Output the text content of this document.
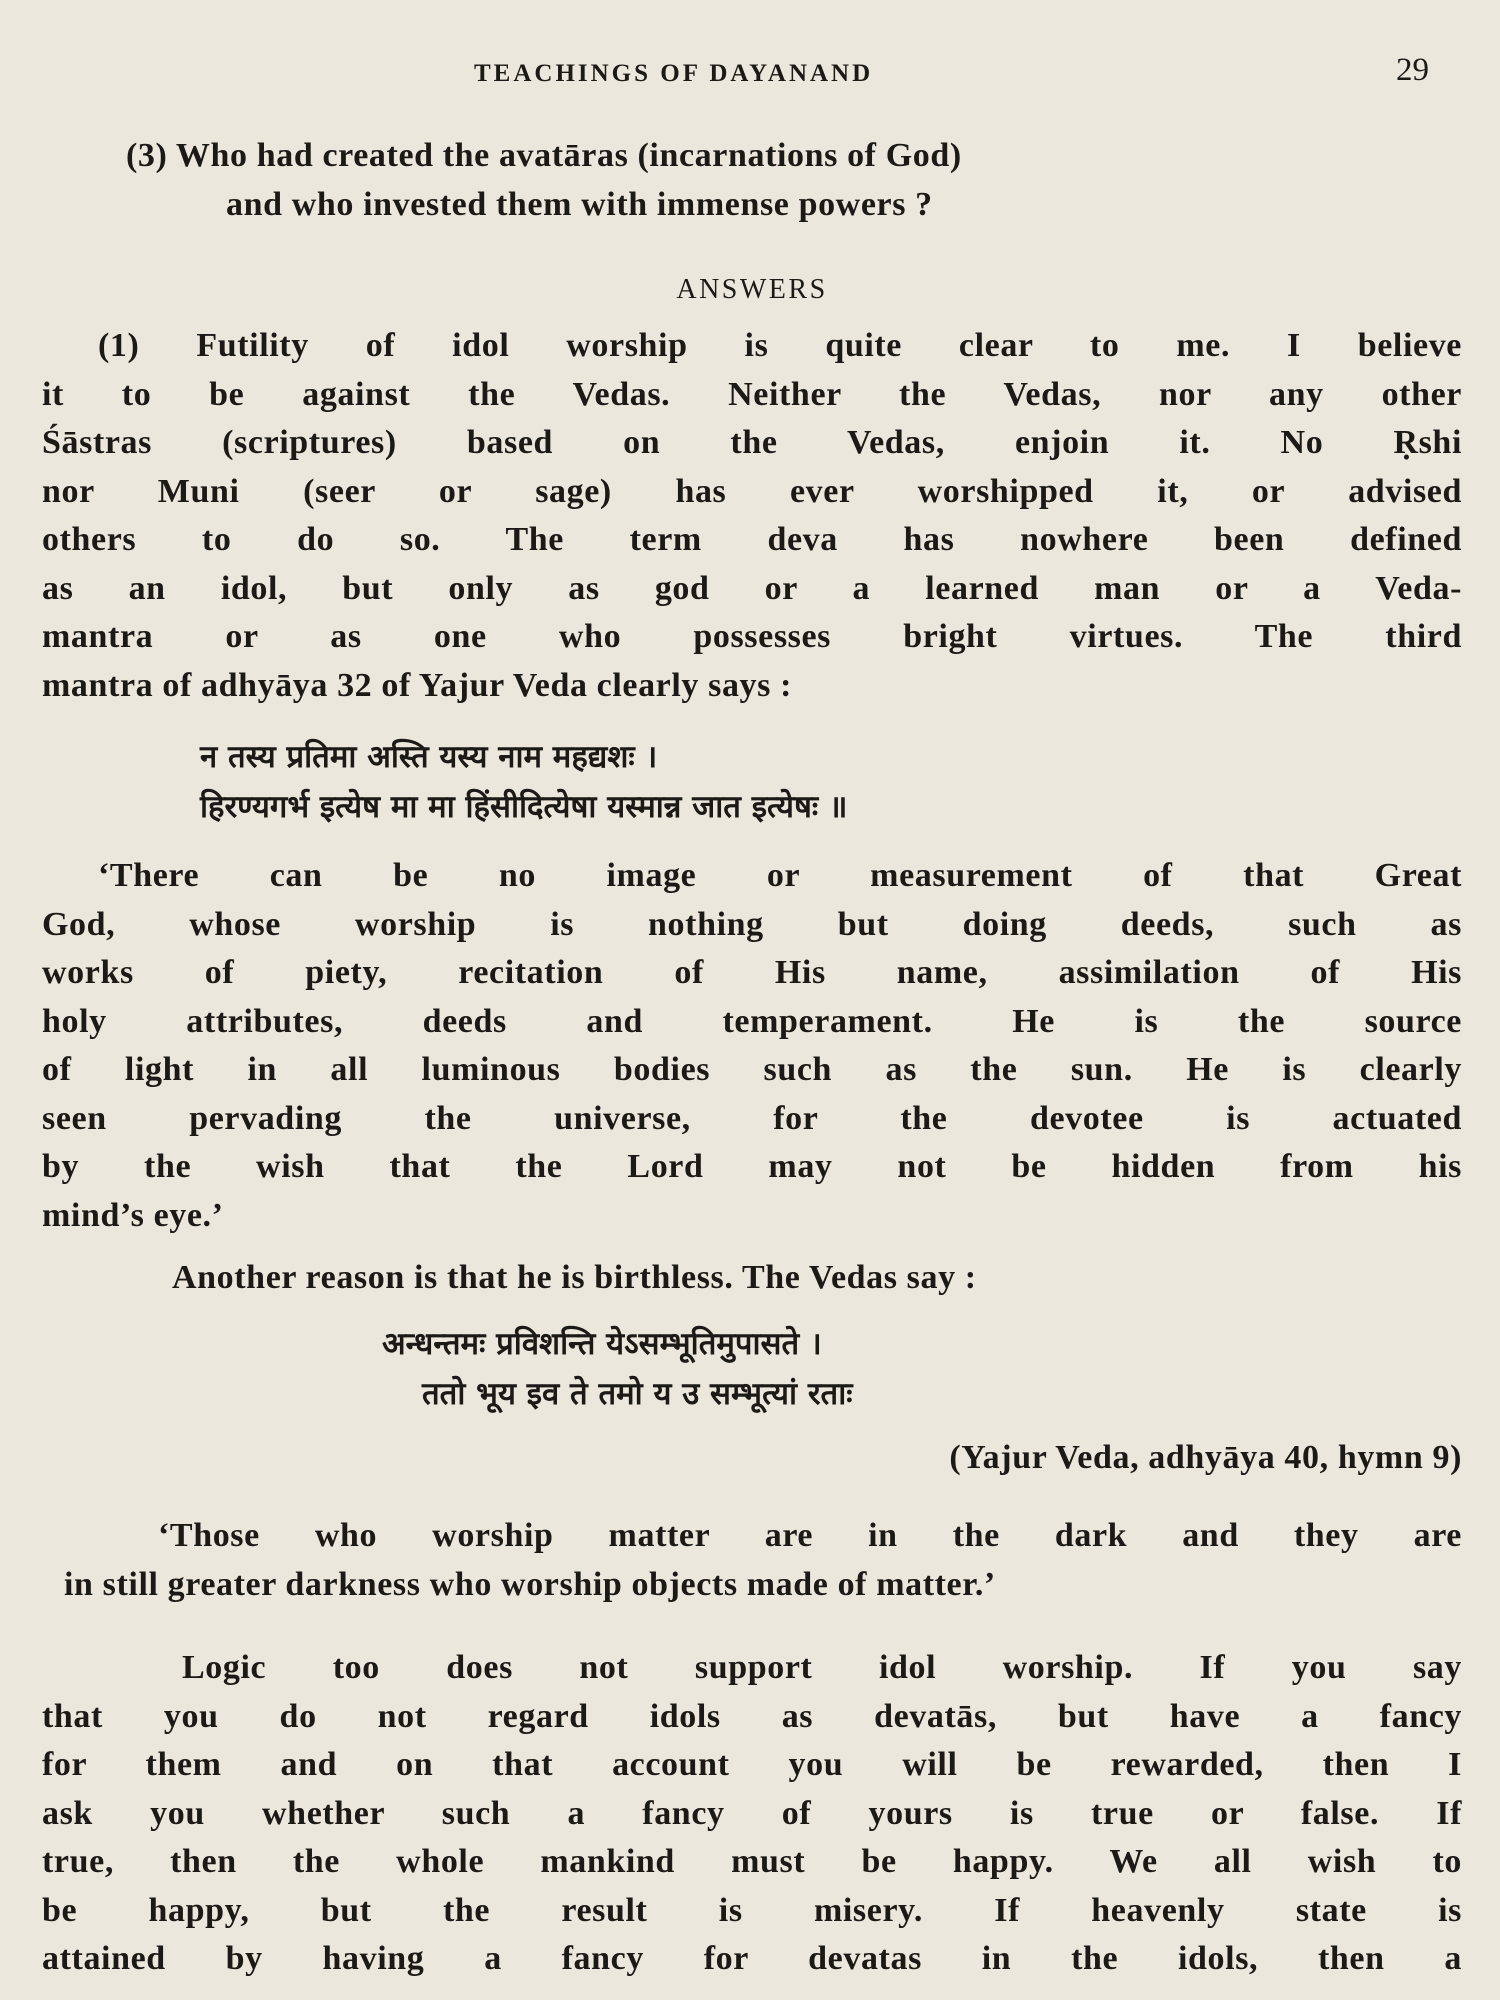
TEACHINGS OF DAYANAND	29
(3) Who had created the avatāras (incarnations of God)
and who invested them with immense powers ?
ANSWERS
(1) Futility of idol worship is quite clear to me. I believe
it to be against the Vedas. Neither the Vedas, nor any other
Śāstras (scriptures) based on the Vedas, enjoin it. No Ṛshi
nor Muni (seer or sage) has ever worshipped it, or advised
others to do so. The term deva has nowhere been defined
as an idol, but only as god or a learned man or a Veda-
mantra or as one who possesses bright virtues. The third
mantra of adhyāya 32 of Yajur Veda clearly says :
न तस्य प्रतिमा अस्ति यस्य नाम महद्यशः ।
हिरण्यगर्भ इत्येष मा मा हिंसीदित्येषा यस्मान्न जात इत्येषः ॥
‘There can be no image or measurement of that Great
God, whose worship is nothing but doing deeds, such as
works of piety, recitation of His name, assimilation of His
holy attributes, deeds and temperament. He is the source
of light in all luminous bodies such as the sun. He is clearly
seen pervading the universe, for the devotee is actuated
by the wish that the Lord may not be hidden from his
mind’s eye.’
Another reason is that he is birthless. The Vedas say :
अन्धन्तमः प्रविशन्ति येऽसम्भूतिमुपासते ।
ततो भूय इव ते तमो य उ सम्भूत्यां रताः
(Yajur Veda, adhyāya 40, hymn 9)
‘Those who worship matter are in the dark and they are
in still greater darkness who worship objects made of matter.’
Logic too does not support idol worship. If you say
that you do not regard idols as devatās, but have a fancy
for them and on that account you will be rewarded, then I
ask you whether such a fancy of yours is true or false. If
true, then the whole mankind must be happy. We all wish to
be happy, but the result is misery. If heavenly state is
attained by having a fancy for devatas in the idols, then a
